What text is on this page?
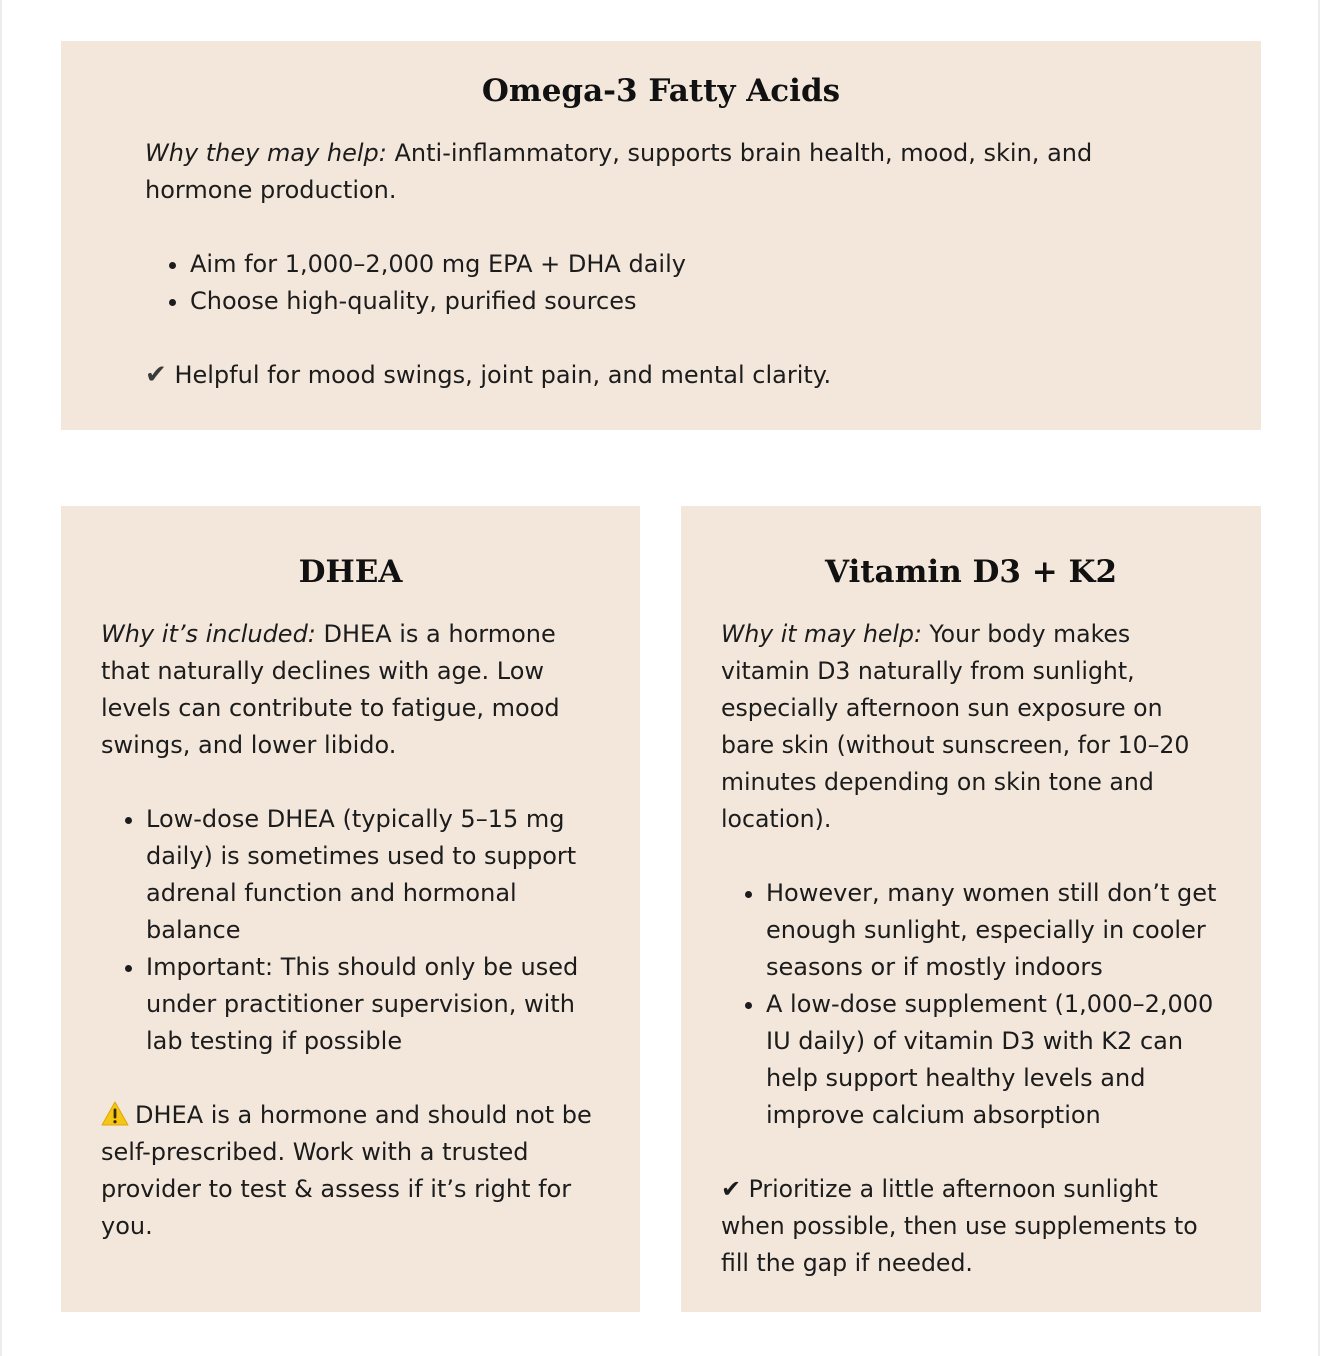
Omega-3 Fatty Acids

Why they may help: Anti-inflammatory, supports brain health, mood, skin, and hormone production.

• Aim for 1,000–2,000 mg EPA + DHA daily
• Choose high-quality, purified sources

✔ Helpful for mood swings, joint pain, and mental clarity.

DHEA

Why it’s included: DHEA is a hormone that naturally declines with age. Low levels can contribute to fatigue, mood swings, and lower libido.

• Low-dose DHEA (typically 5–15 mg daily) is sometimes used to support adrenal function and hormonal balance
• Important: This should only be used under practitioner supervision, with lab testing if possible

DHEA is a hormone and should not be self-prescribed. Work with a trusted provider to test & assess if it’s right for you.

Vitamin D3 + K2

Why it may help: Your body makes vitamin D3 naturally from sunlight, especially afternoon sun exposure on bare skin (without sunscreen, for 10–20 minutes depending on skin tone and location).

• However, many women still don’t get enough sunlight, especially in cooler seasons or if mostly indoors
• A low-dose supplement (1,000–2,000 IU daily) of vitamin D3 with K2 can help support healthy levels and improve calcium absorption

✔ Prioritize a little afternoon sunlight when possible, then use supplements to fill the gap if needed.
